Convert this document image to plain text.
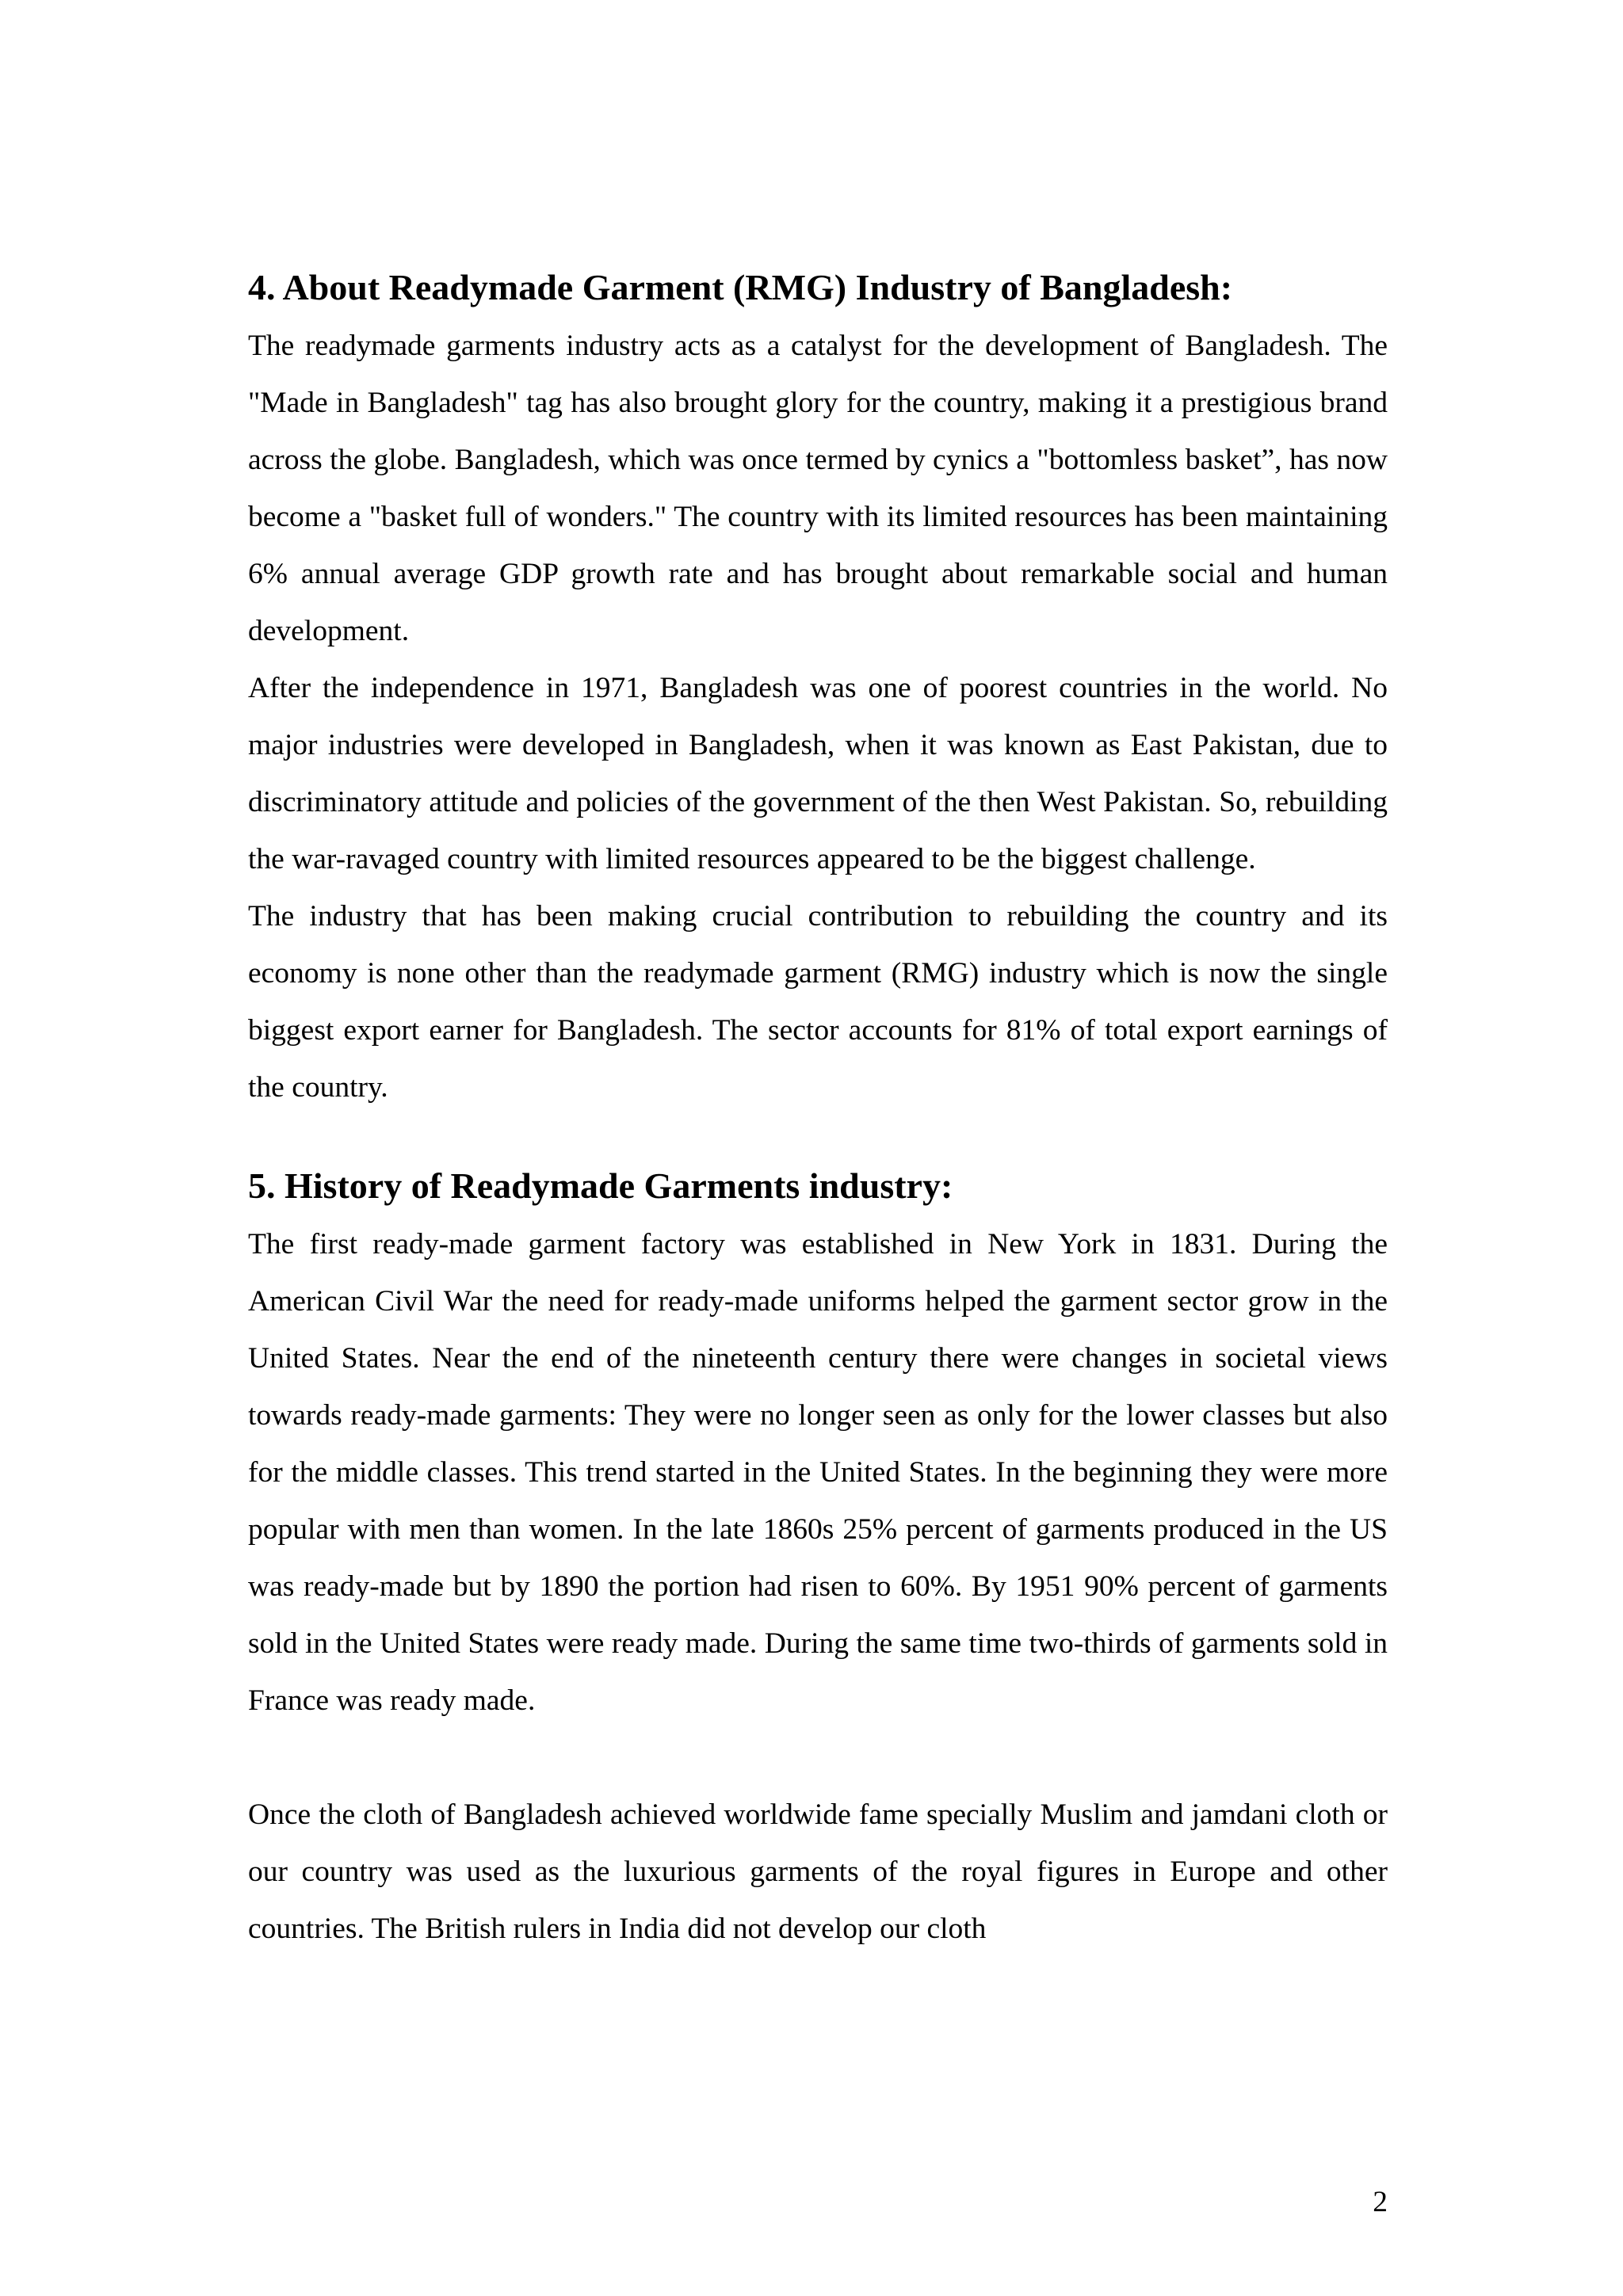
4. About Readymade Garment (RMG) Industry of Bangladesh:

The readymade garments industry acts as a catalyst for the development of Bangladesh. The "Made in Bangladesh" tag has also brought glory for the country, making it a prestigious brand across the globe. Bangladesh, which was once termed by cynics a "bottomless basket”, has now become a "basket full of wonders." The country with its limited resources has been maintaining 6% annual average GDP growth rate and has brought about remarkable social and human development.

After the independence in 1971, Bangladesh was one of poorest countries in the world. No major industries were developed in Bangladesh, when it was known as East Pakistan, due to discriminatory attitude and policies of the government of the then West Pakistan. So, rebuilding the war-ravaged country with limited resources appeared to be the biggest challenge.

The industry that has been making crucial contribution to rebuilding the country and its economy is none other than the readymade garment (RMG) industry which is now the single biggest export earner for Bangladesh. The sector accounts for 81% of total export earnings of the country.

5. History of Readymade Garments industry:

The first ready-made garment factory was established in New York in 1831. During the American Civil War the need for ready-made uniforms helped the garment sector grow in the United States. Near the end of the nineteenth century there were changes in societal views towards ready-made garments: They were no longer seen as only for the lower classes but also for the middle classes. This trend started in the United States. In the beginning they were more popular with men than women. In the late 1860s 25% percent of garments produced in the US was ready-made but by 1890 the portion had risen to 60%. By 1951 90% percent of garments sold in the United States were ready made. During the same time two-thirds of garments sold in France was ready made.

Once the cloth of Bangladesh achieved worldwide fame specially Muslim and jamdani cloth or our country was used as the luxurious garments of the royal figures in Europe and other countries. The British rulers in India did not develop our cloth

2
